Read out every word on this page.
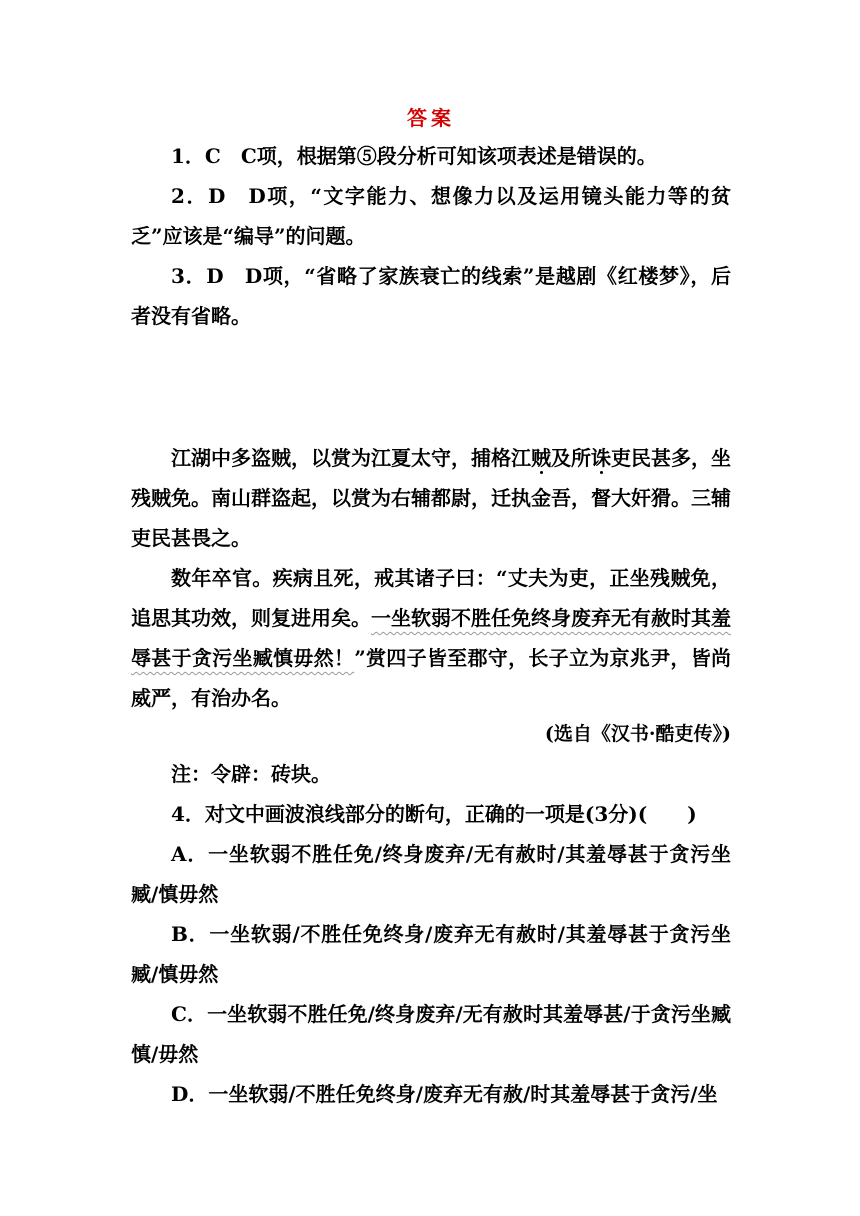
答案
1．C　C项，根据第⑤段分析可知该项表述是错误的。
2．D　D项，“文字能力、想像力以及运用镜头能力等的贫乏”应该是“编导”的问题。
3．D　D项，“省略了家族衰亡的线索”是越剧《红楼梦》，后者没有省略。
江湖中多盗贼，以赏为江夏太守，捕格江贼及所诛吏民甚多，坐残贼免。南山群盗起，以赏为右辅都尉，迁执金吾，督大奸猾。三辅吏民甚畏之。
数年卒官。疾病且死，戒其诸子曰：“丈夫为吏，正坐残贼免，追思其功效，则复进用矣。一坐软弱不胜任免终身废弃无有赦时其羞辱甚于贪污坐臧慎毋然！”赏四子皆至郡守，长子立为京兆尹，皆尚威严，有治办名。
(选自《汉书·酷吏传》)
注：令辟：砖块。
4．对文中画波浪线部分的断句，正确的一项是(3分)(　　)
A．一坐软弱不胜任免/终身废弃/无有赦时/其羞辱甚于贪污坐臧/慎毋然
B．一坐软弱/不胜任免终身/废弃无有赦时/其羞辱甚于贪污坐臧/慎毋然
C．一坐软弱不胜任免/终身废弃/无有赦时其羞辱甚/于贪污坐臧慎/毋然
D．一坐软弱/不胜任免终身/废弃无有赦/时其羞辱甚于贪污/坐
